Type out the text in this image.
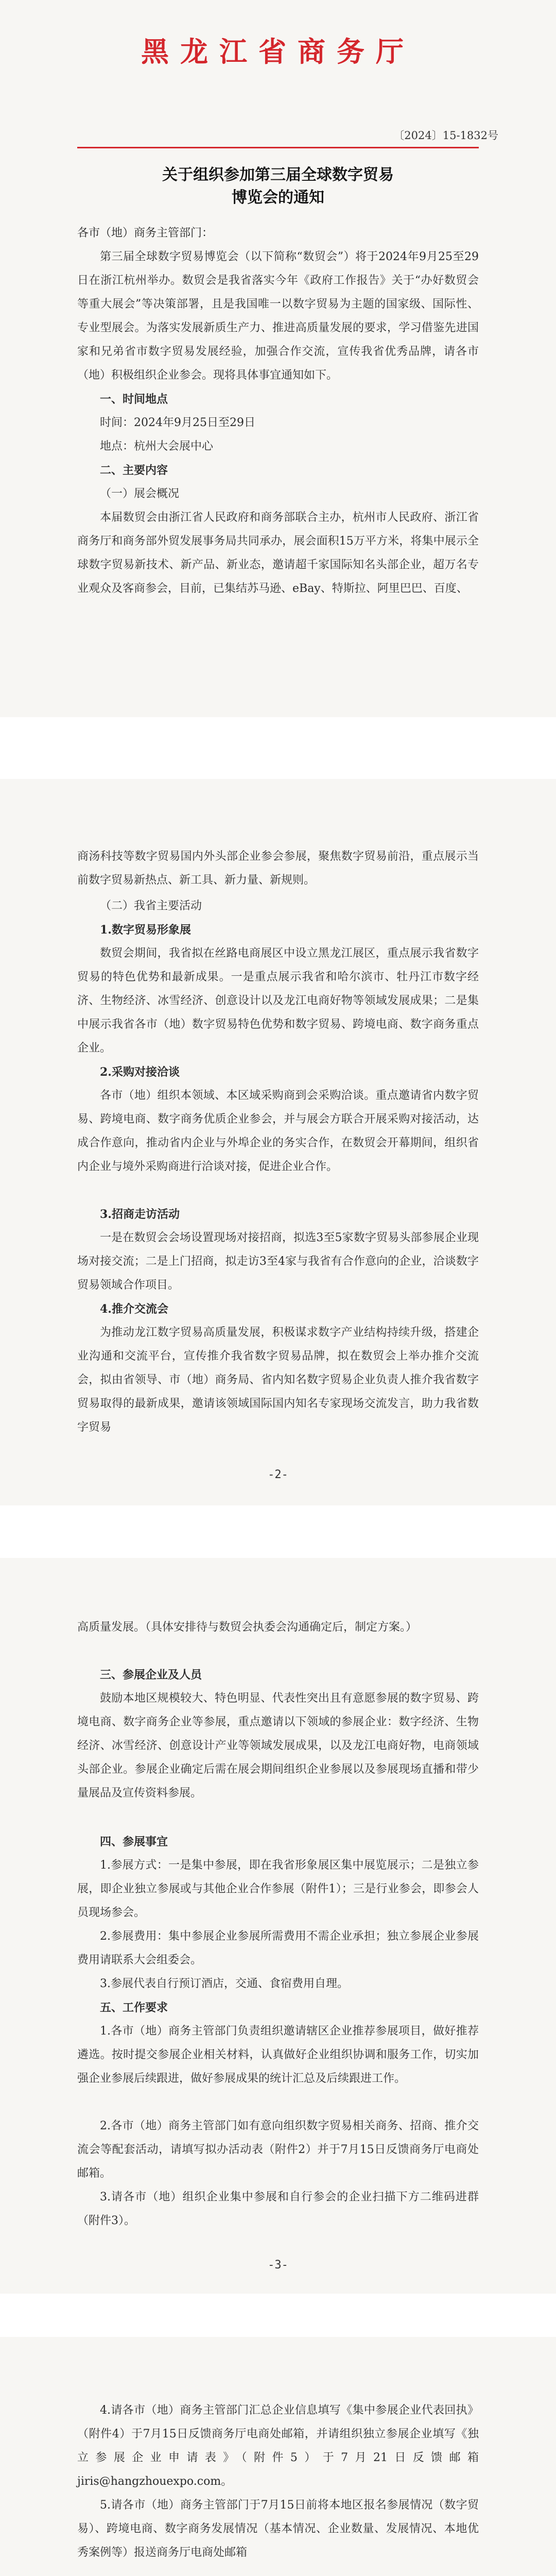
黑龙江省商务厅
〔2024〕15-1832号
关于组织参加第三届全球数字贸易
博览会的通知
各市（地）商务主管部门：
第三届全球数字贸易博览会（以下简称“数贸会”）将于2024年9月25至29日在浙江杭州举办。数贸会是我省落实今年《政府工作报告》关于“办好数贸会等重大展会”等决策部署，且是我国唯一以数字贸易为主题的国家级、国际性、专业型展会。为落实发展新质生产力、推进高质量发展的要求，学习借鉴先进国家和兄弟省市数字贸易发展经验，加强合作交流，宣传我省优秀品牌，请各市（地）积极组织企业参会。现将具体事宜通知如下。
一、时间地点
时间：2024年9月25日至29日
地点：杭州大会展中心
二、主要内容
（一）展会概况
本届数贸会由浙江省人民政府和商务部联合主办，杭州市人民政府、浙江省商务厅和商务部外贸发展事务局共同承办，展会面积15万平方米，将集中展示全球数字贸易新技术、新产品、新业态，邀请超千家国际知名头部企业，超万名专业观众及客商参会，目前，已集结苏马逊、eBay、特斯拉、阿里巴巴、百度、
商汤科技等数字贸易国内外头部企业参会参展，聚焦数字贸易前沿，重点展示当前数字贸易新热点、新工具、新力量、新规则。
（二）我省主要活动
1.数字贸易形象展
数贸会期间，我省拟在丝路电商展区中设立黑龙江展区，重点展示我省数字贸易的特色优势和最新成果。一是重点展示我省和哈尔滨市、牡丹江市数字经济、生物经济、冰雪经济、创意设计以及龙江电商好物等领域发展成果；二是集中展示我省各市（地）数字贸易特色优势和数字贸易、跨境电商、数字商务重点企业。
2.采购对接洽谈
各市（地）组织本领域、本区域采购商到会采购洽谈。重点邀请省内数字贸易、跨境电商、数字商务优质企业参会，并与展会方联合开展采购对接活动，达成合作意向，推动省内企业与外埠企业的务实合作，在数贸会开幕期间，组织省内企业与境外采购商进行洽谈对接，促进企业合作。
3.招商走访活动
一是在数贸会会场设置现场对接招商，拟选3至5家数字贸易头部参展企业现场对接交流；二是上门招商，拟走访3至4家与我省有合作意向的企业，洽谈数字贸易领域合作项目。
4.推介交流会
为推动龙江数字贸易高质量发展，积极谋求数字产业结构持续升级，搭建企业沟通和交流平台，宣传推介我省数字贸易品牌，拟在数贸会上举办推介交流会，拟由省领导、市（地）商务局、省内知名数字贸易企业负责人推介我省数字贸易取得的最新成果，邀请该领域国际国内知名专家现场交流发言，助力我省数字贸易
-2-
高质量发展。（具体安排待与数贸会执委会沟通确定后，制定方案。）
三、参展企业及人员
鼓励本地区规模较大、特色明显、代表性突出且有意愿参展的数字贸易、跨境电商、数字商务企业等参展，重点邀请以下领域的参展企业：数字经济、生物经济、冰雪经济、创意设计产业等领域发展成果，以及龙江电商好物，电商领域头部企业。参展企业确定后需在展会期间组织企业参展以及参展现场直播和带少量展品及宣传资料参展。
四、参展事宜
1.参展方式：一是集中参展，即在我省形象展区集中展览展示；二是独立参展，即企业独立参展或与其他企业合作参展（附件1）；三是行业参会，即参会人员现场参会。
2.参展费用：集中参展企业参展所需费用不需企业承担；独立参展企业参展费用请联系大会组委会。
3.参展代表自行预订酒店，交通、食宿费用自理。
五、工作要求
1.各市（地）商务主管部门负责组织邀请辖区企业推荐参展项目，做好推荐遴选。按时提交参展企业相关材料，认真做好企业组织协调和服务工作，切实加强企业参展后续跟进，做好参展成果的统计汇总及后续跟进工作。
2.各市（地）商务主管部门如有意向组织数字贸易相关商务、招商、推介交流会等配套活动，请填写拟办活动表（附件2）并于7月15日反馈商务厅电商处邮箱。
3.请各市（地）组织企业集中参展和自行参会的企业扫描下方二维码进群（附件3）。
-3-
4.请各市（地）商务主管部门汇总企业信息填写《集中参展企业代表回执》（附件4）于7月15日反馈商务厅电商处邮箱，并请组织独立参展企业填写《独立参展企业申请表》（附件5）于7月21日反馈邮箱jiris@hangzhouexpo.com。
5.请各市（地）商务主管部门于7月15日前将本地区报名参展情况（数字贸易）、跨境电商、数字商务发展情况（基本情况、企业数量、发展情况、本地优秀案例等）报送商务厅电商处邮箱
